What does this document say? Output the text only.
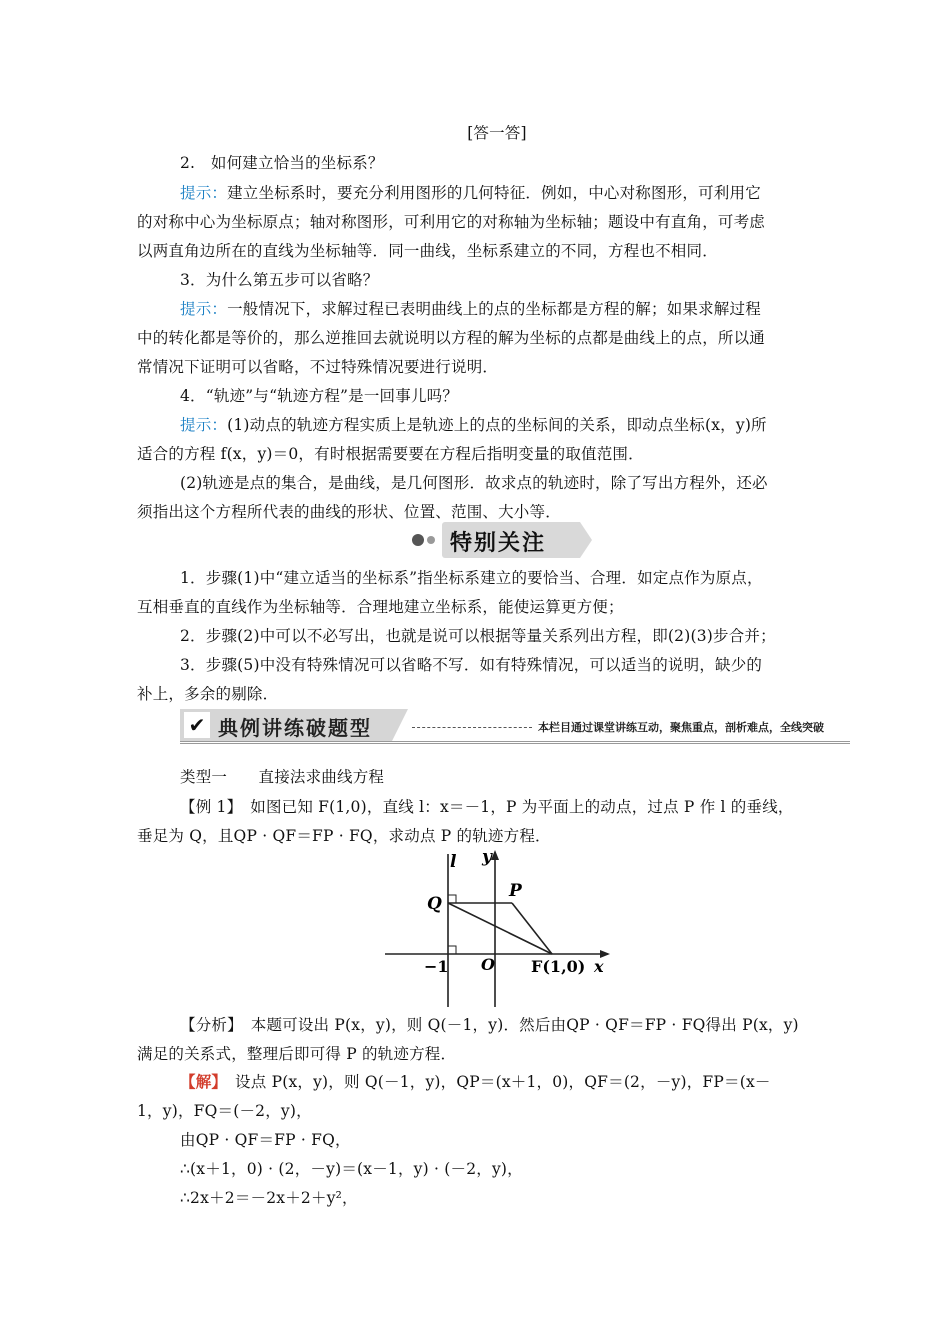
[答一答]
2.　如何建立恰当的坐标系？
提示：建立坐标系时，要充分利用图形的几何特征．例如，中心对称图形，可利用它
的对称中心为坐标原点；轴对称图形，可利用它的对称轴为坐标轴；题设中有直角，可考虑
以两直角边所在的直线为坐标轴等．同一曲线，坐标系建立的不同，方程也不相同．
3．为什么第五步可以省略？
提示：一般情况下，求解过程已表明曲线上的点的坐标都是方程的解；如果求解过程
中的转化都是等价的，那么逆推回去就说明以方程的解为坐标的点都是曲线上的点，所以通
常情况下证明可以省略，不过特殊情况要进行说明．
4．“轨迹”与“轨迹方程”是一回事儿吗？
提示：(1)动点的轨迹方程实质上是轨迹上的点的坐标间的关系，即动点坐标(x，y)所
适合的方程 f(x，y)＝0，有时根据需要要在方程后指明变量的取值范围．
(2)轨迹是点的集合，是曲线，是几何图形．故求点的轨迹时，除了写出方程外，还必
须指出这个方程所代表的曲线的形状、位置、范围、大小等．
特别关注
1．步骤(1)中“建立适当的坐标系”指坐标系建立的要恰当、合理．如定点作为原点，
互相垂直的直线作为坐标轴等．合理地建立坐标系，能使运算更方便；
2．步骤(2)中可以不必写出，也就是说可以根据等量关系列出方程，即(2)(3)步合并；
3．步骤(5)中没有特殊情况可以省略不写．如有特殊情况，可以适当的说明，缺少的
补上，多余的剔除．
✔ 典例讲练破题型	本栏目通过课堂讲练互动，聚焦重点，剖析难点，全线突破
类型一　　直接法求曲线方程
【例 1】　如图已知 F(1,0)，直线 l：x＝－1，P 为平面上的动点，过点 P 作 l 的垂线，
垂足为 Q，且QP · QF＝FP · FQ，求动点 P 的轨迹方程．
l y
P
Q
O F(1,0) x
−1
【分析】　本题可设出 P(x，y)，则 Q(－1，y)．然后由QP · QF＝FP · FQ得出 P(x，y)
满足的关系式，整理后即可得 P 的轨迹方程．
【解】　设点 P(x，y)，则 Q(－1，y)，QP＝(x＋1，0)，QF＝(2，－y)，FP＝(x－
1，y)，FQ＝(－2，y)，
由QP · QF＝FP · FQ，
∴(x＋1，0) · (2，－y)＝(x－1，y) · (－2，y)，
∴2x＋2＝－2x＋2＋y²，
